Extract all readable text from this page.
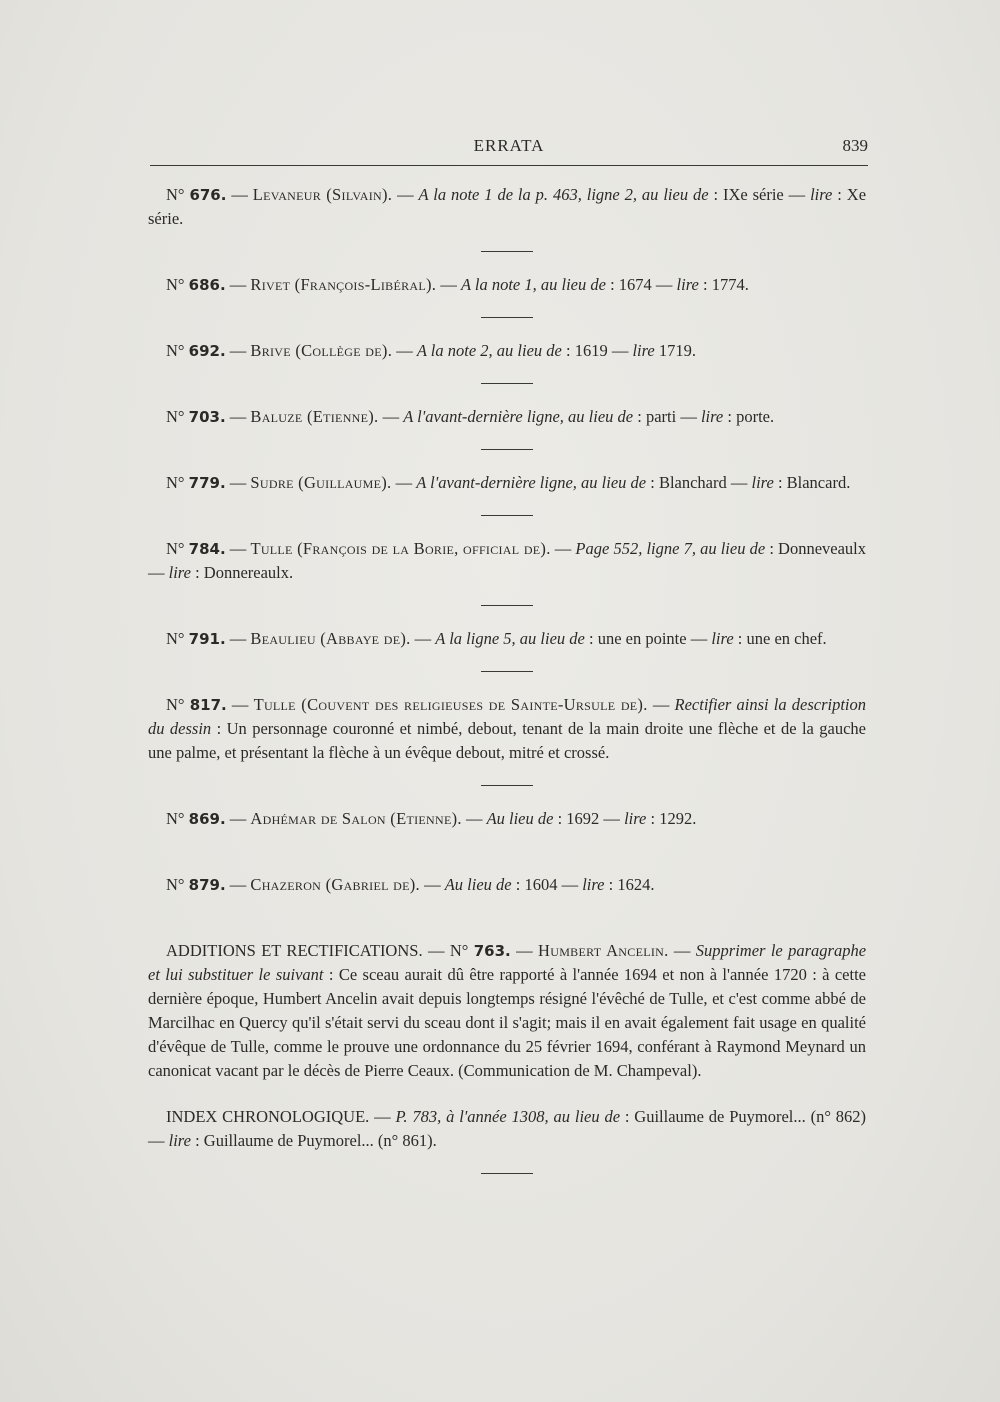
ERRATA	839

N° 676. — Levaneur (Silvain). — A la note 1 de la p. 463, ligne 2, au lieu de : IXe série — lire : Xe série.

N° 686. — Rivet (François-Libéral). — A la note 1, au lieu de : 1674 — lire : 1774.

N° 692. — Brive (Collège de). — A la note 2, au lieu de : 1619 — lire 1719.

N° 703. — Baluze (Etienne). — A l'avant-dernière ligne, au lieu de : parti — lire : porte.

N° 779. — Sudre (Guillaume). — A l'avant-dernière ligne, au lieu de : Blanchard — lire : Blancard.

N° 784. — Tulle (François de la Borie, official de). — Page 552, ligne 7, au lieu de : Donneveaulx — lire : Donnereaulx.

N° 791. — Beaulieu (Abbaye de). — A la ligne 5, au lieu de : une en pointe — lire : une en chef.

N° 817. — Tulle (Couvent des religieuses de Sainte-Ursule de). — Rectifier ainsi la description du dessin : Un personnage couronné et nimbé, debout, tenant de la main droite une flèche et de la gauche une palme, et présentant la flèche à un évêque debout, mitré et crossé.

N° 869. — Adhémar de Salon (Etienne). — Au lieu de : 1692 — lire : 1292.

N° 879. — Chazeron (Gabriel de). — Au lieu de : 1604 — lire : 1624.

ADDITIONS ET RECTIFICATIONS. — N° 763. — Humbert Ancelin. — Supprimer le paragraphe et lui substituer le suivant : Ce sceau aurait dû être rapporté à l'année 1694 et non à l'année 1720 : à cette dernière époque, Humbert Ancelin avait depuis longtemps résigné l'évêché de Tulle, et c'est comme abbé de Marcilhac en Quercy qu'il s'était servi du sceau dont il s'agit; mais il en avait également fait usage en qualité d'évêque de Tulle, comme le prouve une ordonnance du 25 février 1694, conférant à Raymond Meynard un canonicat vacant par le décès de Pierre Ceaux. (Communication de M. Champeval).

INDEX CHRONOLOGIQUE. — P. 783, à l'année 1308, au lieu de : Guillaume de Puymorel... (n° 862) — lire : Guillaume de Puymorel... (n° 861).
